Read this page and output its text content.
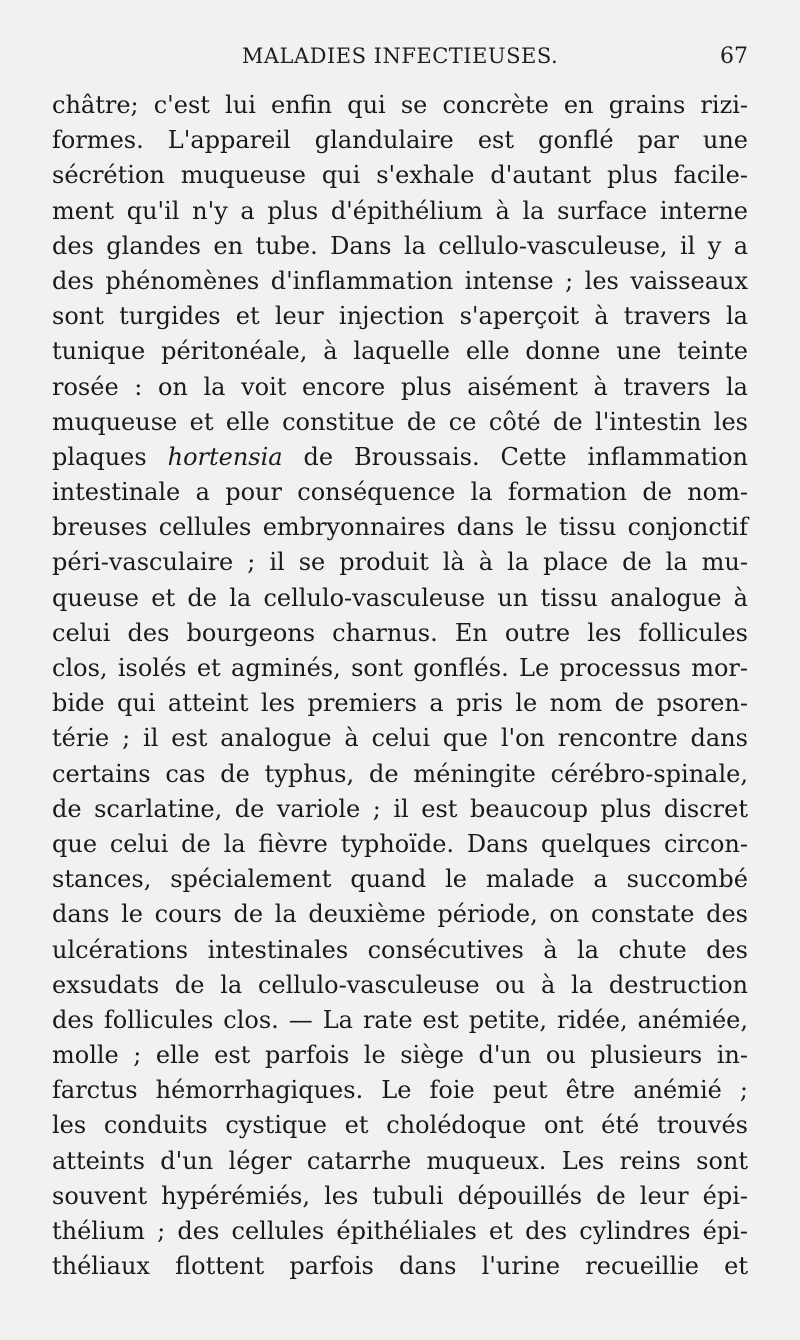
MALADIES INFECTIEUSES.	67
châtre; c'est lui enfin qui se concrète en grains rizi-
formes. L'appareil glandulaire est gonflé par une
sécrétion muqueuse qui s'exhale d'autant plus facile-
ment qu'il n'y a plus d'épithélium à la surface interne
des glandes en tube. Dans la cellulo-vasculeuse, il y a
des phénomènes d'inflammation intense ; les vaisseaux
sont turgides et leur injection s'aperçoit à travers la
tunique péritonéale, à laquelle elle donne une teinte
rosée : on la voit encore plus aisément à travers la
muqueuse et elle constitue de ce côté de l'intestin les
plaques hortensia de Broussais. Cette inflammation
intestinale a pour conséquence la formation de nom-
breuses cellules embryonnaires dans le tissu conjonctif
péri-vasculaire ; il se produit là à la place de la mu-
queuse et de la cellulo-vasculeuse un tissu analogue à
celui des bourgeons charnus. En outre les follicules
clos, isolés et agminés, sont gonflés. Le processus mor-
bide qui atteint les premiers a pris le nom de psoren-
térie ; il est analogue à celui que l'on rencontre dans
certains cas de typhus, de méningite cérébro-spinale,
de scarlatine, de variole ; il est beaucoup plus discret
que celui de la fièvre typhoïde. Dans quelques circon-
stances, spécialement quand le malade a succombé
dans le cours de la deuxième période, on constate des
ulcérations intestinales consécutives à la chute des
exsudats de la cellulo-vasculeuse ou à la destruction
des follicules clos. — La rate est petite, ridée, anémiée,
molle ; elle est parfois le siège d'un ou plusieurs in-
farctus hémorrhagiques. Le foie peut être anémié ;
les conduits cystique et cholédoque ont été trouvés
atteints d'un léger catarrhe muqueux. Les reins sont
souvent hypérémiés, les tubuli dépouillés de leur épi-
thélium ; des cellules épithéliales et des cylindres épi-
théliaux flottent parfois dans l'urine recueillie et
